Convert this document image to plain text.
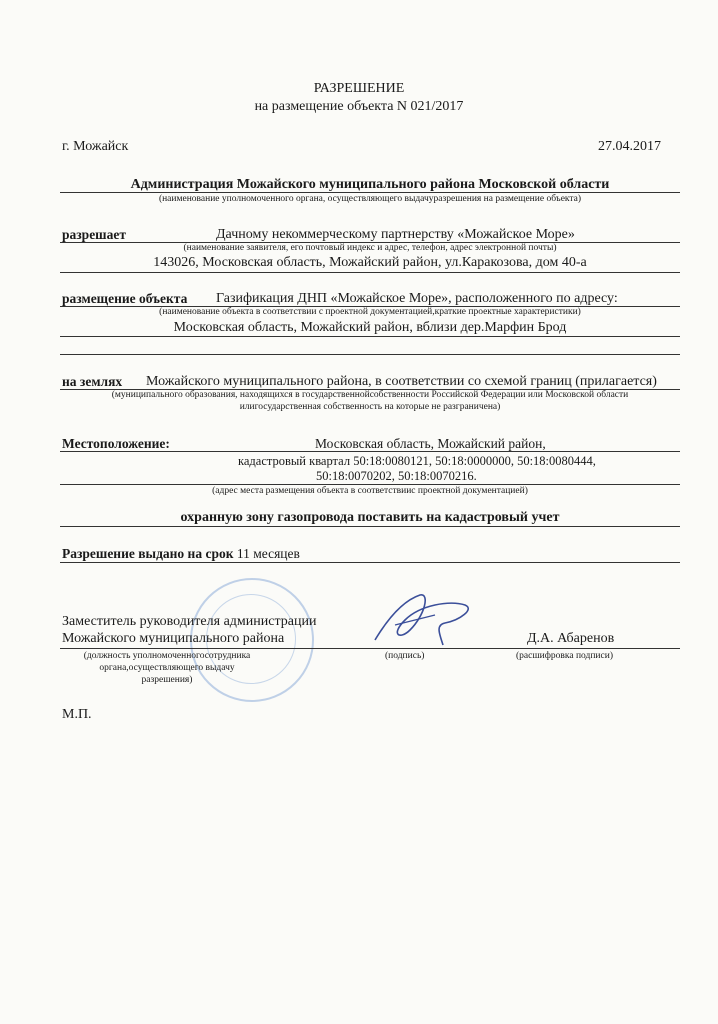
РАЗРЕШЕНИЕ
на размещение объекта N 021/2017
г. Можайск	27.04.2017
Администрация Можайского муниципального района Московской области
(наименование уполномоченного органа, осуществляющего выдачуразрешения на размещение объекта)
разрешает	Дачному некоммерческому партнерству «Можайское Море»
(наименование заявителя, его почтовый индекс и адрес, телефон, адрес электронной почты)
143026, Московская область, Можайский район, ул.Каракозова, дом 40-а
размещение объекта Газификация ДНП «Можайское Море», расположенного по адресу:
(наименование объекта в соответствии с проектной документацией,краткие проектные характеристики)
Московская область, Можайский район, вблизи дер.Марфин Брод
на землях Можайского муниципального района, в соответствии со схемой границ (прилагается)
(муниципального образования, находящихся в государственнойсобственности Российской Федерации или Московской области
илигосударственная собственность на которые не разграничена)
Местоположение:	Московская область, Можайский район,
кадастровый квартал 50:18:0080121, 50:18:0000000, 50:18:0080444,
50:18:0070202, 50:18:0070216.
(адрес места размещения объекта в соответствиис проектной документацией)
охранную зону газопровода поставить на кадастровый учет
Разрешение выдано на срок 11 месяцев
Заместитель руководителя администрации
Можайского муниципального района	Д.А. Абаренов
(должность уполномоченногосотрудника
органа,осуществляющего выдачу
разрешения)
(подпись)	(расшифровка подписи)
М.П.
